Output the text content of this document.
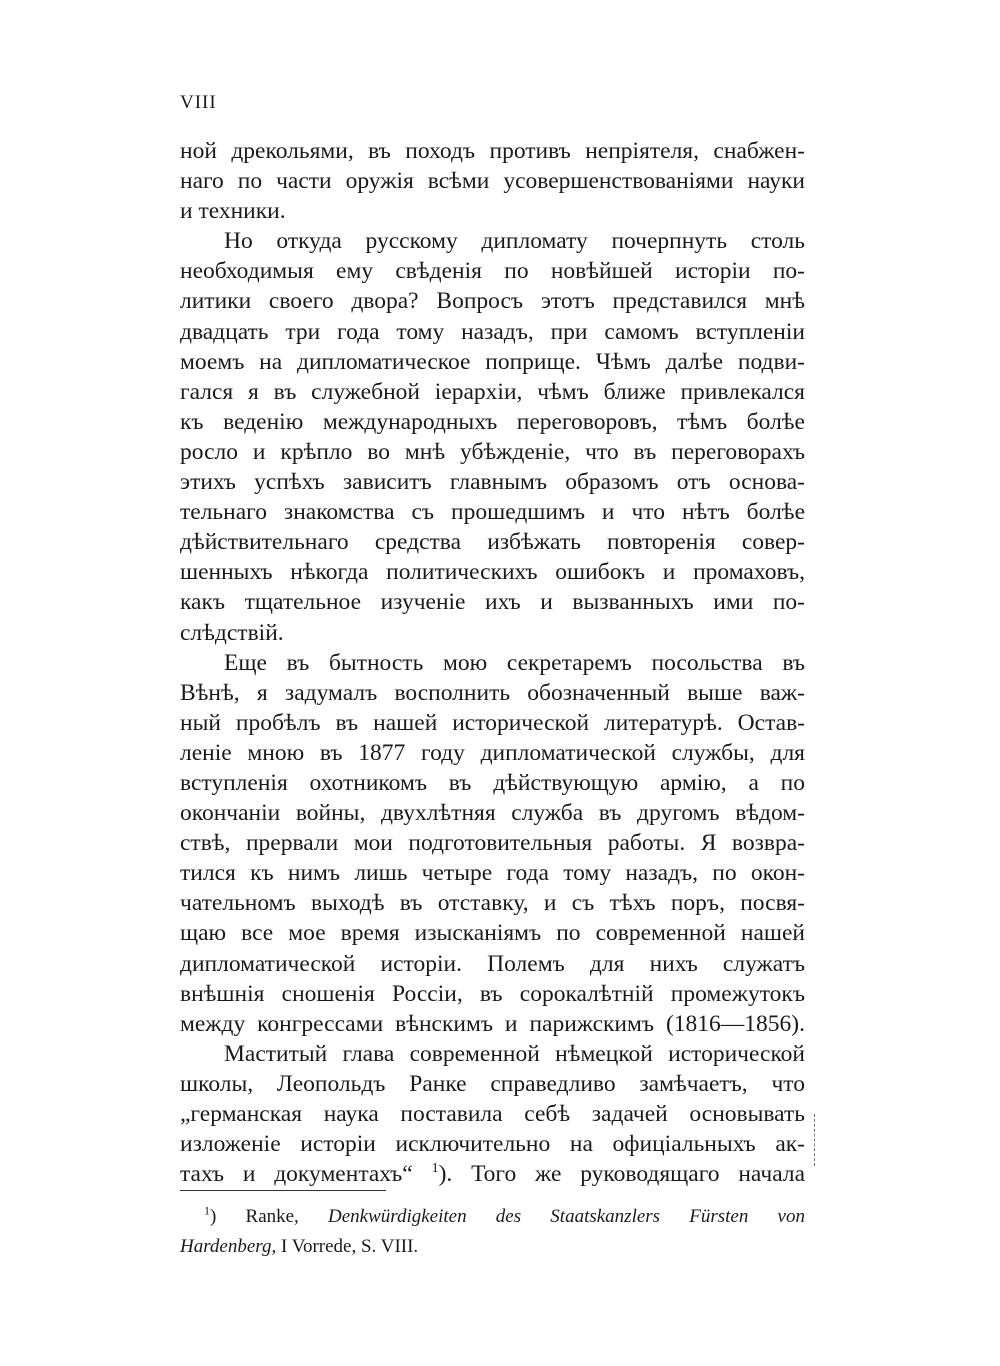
VIII
ной дрекольями, въ походъ противъ непріятеля, снабжен-
наго по части оружія всѣми усовершенствованіями науки
и техники.
Но откуда русскому дипломату почерпнуть столь
необходимыя ему свѣденія по новѣйшей исторіи по-
литики своего двора? Вопросъ этотъ представился мнѣ
двадцать три года тому назадъ, при самомъ вступленіи
моемъ на дипломатическое поприще. Чѣмъ далѣе подви-
гался я въ служебной іерархіи, чѣмъ ближе привлекался
къ веденію международныхъ переговоровъ, тѣмъ болѣе
росло и крѣпло во мнѣ убѣжденіе, что въ переговорахъ
этихъ успѣхъ зависитъ главнымъ образомъ отъ основа-
тельнаго знакомства съ прошедшимъ и что нѣтъ болѣе
дѣйствительнаго средства избѣжать повторенія совер-
шенныхъ нѣкогда политическихъ ошибокъ и промаховъ,
какъ тщательное изученіе ихъ и вызванныхъ ими по-
слѣдствій.
Еще въ бытность мою секретаремъ посольства въ
Вѣнѣ, я задумалъ восполнить обозначенный выше важ-
ный пробѣлъ въ нашей исторической литературѣ. Остав-
леніе мною въ 1877 году дипломатической службы, для
вступленія охотникомъ въ дѣйствующую армію, а по
окончаніи войны, двухлѣтняя служба въ другомъ вѣдом-
ствѣ, прервали мои подготовительныя работы. Я возвра-
тился къ нимъ лишь четыре года тому назадъ, по окон-
чательномъ выходѣ въ отставку, и съ тѣхъ поръ, посвя-
щаю все мое время изысканіямъ по современной нашей
дипломатической исторіи. Полемъ для нихъ служатъ
внѣшнія сношенія Россіи, въ сорокалѣтній промежутокъ
между конгрессами вѣнскимъ и парижскимъ (1816—1856).
Маститый глава современной нѣмецкой исторической
школы, Леопольдъ Ранке справедливо замѣчаетъ, что
„германская наука поставила себѣ задачей основывать
изложеніе исторіи исключительно на офиціальныхъ ак-
тахъ и документахъ“ $^1$). Того же руководящаго начала
$^1$) Ranke, Denkwürdigkeiten des Staatskanzlers Fürsten von
Hardenberg, I Vorrede, S. VIII.
